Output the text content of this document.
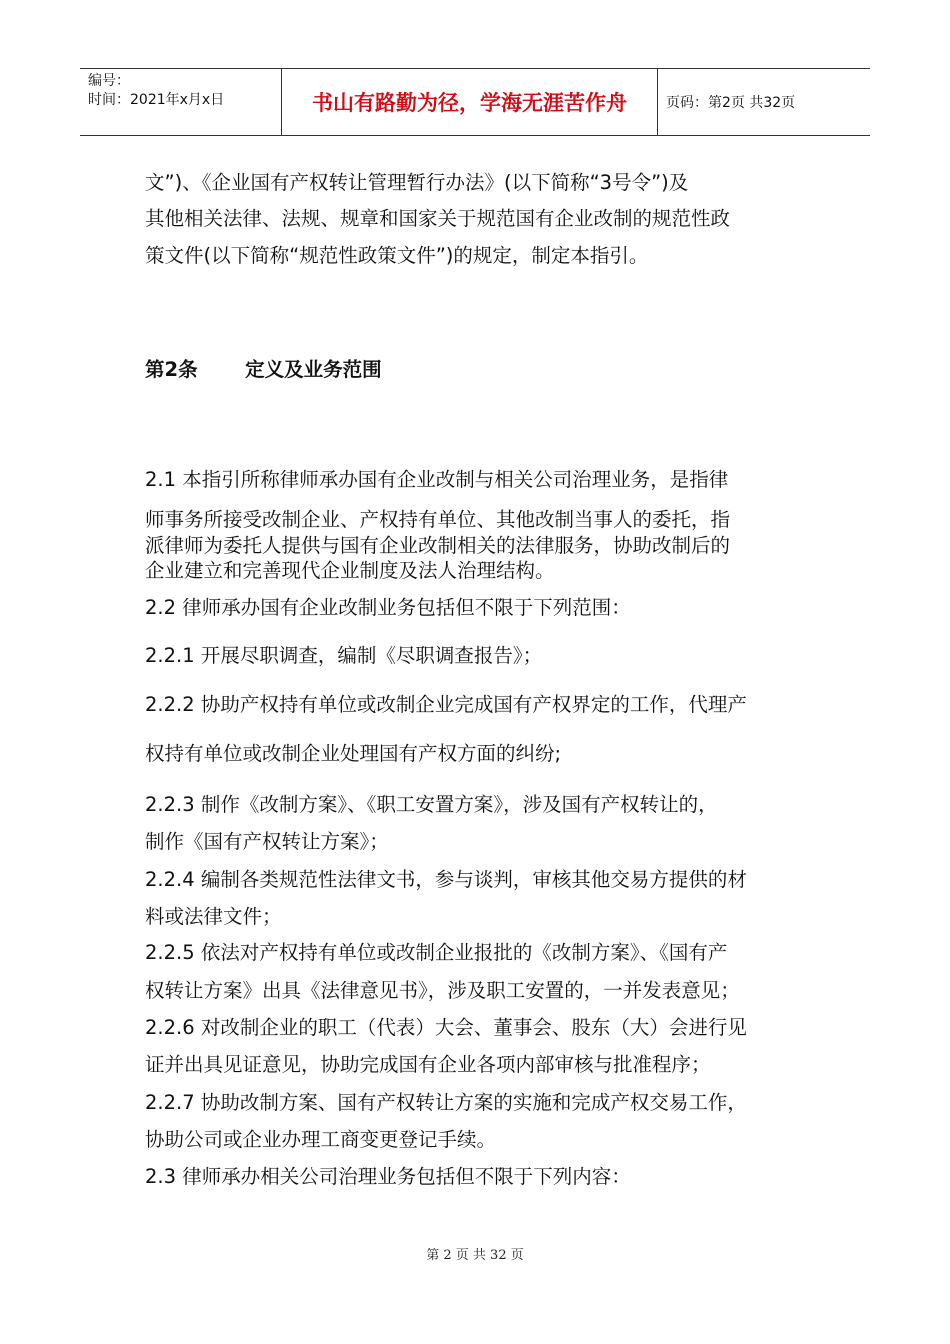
编号：
时间：2021年x月x日	书山有路勤为径，学海无涯苦作舟	页码：第2页 共32页
文”)、《企业国有产权转让管理暂行办法》(以下简称“3号令”)及
其他相关法律、法规、规章和国家关于规范国有企业改制的规范性政
策文件(以下简称“规范性政策文件”)的规定，制定本指引。
第2条 定义及业务范围
2.1 本指引所称律师承办国有企业改制与相关公司治理业务，是指律
师事务所接受改制企业、产权持有单位、其他改制当事人的委托，指
派律师为委托人提供与国有企业改制相关的法律服务，协助改制后的
企业建立和完善现代企业制度及法人治理结构。
2.2 律师承办国有企业改制业务包括但不限于下列范围：
2.2.1 开展尽职调查，编制《尽职调查报告》；
2.2.2 协助产权持有单位或改制企业完成国有产权界定的工作，代理产
权持有单位或改制企业处理国有产权方面的纠纷;
2.2.3 制作《改制方案》、《职工安置方案》，涉及国有产权转让的，
制作《国有产权转让方案》；
2.2.4 编制各类规范性法律文书，参与谈判，审核其他交易方提供的材
料或法律文件；
2.2.5 依法对产权持有单位或改制企业报批的《改制方案》、《国有产
权转让方案》出具《法律意见书》，涉及职工安置的，一并发表意见；
2.2.6 对改制企业的职工（代表）大会、董事会、股东（大）会进行见
证并出具见证意见，协助完成国有企业各项内部审核与批准程序；
2.2.7 协助改制方案、国有产权转让方案的实施和完成产权交易工作，
协助公司或企业办理工商变更登记手续。
2.3 律师承办相关公司治理业务包括但不限于下列内容：
第 2 页 共 32 页
